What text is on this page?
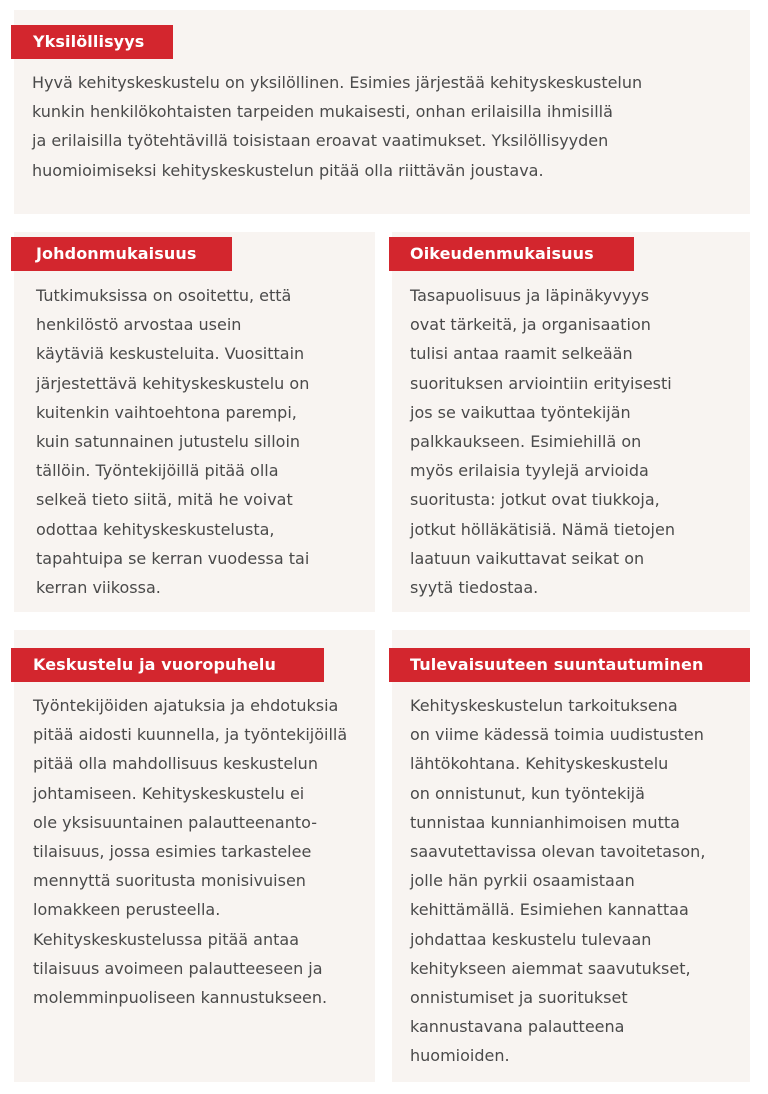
Yksilöllisyys
Hyvä kehityskeskustelu on yksilöllinen. Esimies järjestää kehityskeskustelun
kunkin henkilökohtaisten tarpeiden mukaisesti, onhan erilaisilla ihmisillä
ja erilaisilla työtehtävillä toisistaan eroavat vaatimukset. Yksilöllisyyden
huomioimiseksi kehityskeskustelun pitää olla riittävän joustava.
Johdonmukaisuus
Tutkimuksissa on osoitettu, että
henkilöstö arvostaa usein
käytäviä keskusteluita. Vuosittain
järjestettävä kehityskeskustelu on
kuitenkin vaihtoehtona parempi,
kuin satunnainen jutustelu silloin
tällöin. Työntekijöillä pitää olla
selkeä tieto siitä, mitä he voivat
odottaa kehityskeskustelusta,
tapahtuipa se kerran vuodessa tai
kerran viikossa.
Oikeudenmukaisuus
Tasapuolisuus ja läpinäkyvyys
ovat tärkeitä, ja organisaation
tulisi antaa raamit selkeään
suorituksen arviointiin erityisesti
jos se vaikuttaa työntekijän
palkkaukseen. Esimiehillä on
myös erilaisia tyylejä arvioida
suoritusta: jotkut ovat tiukkoja,
jotkut hölläkätisiä. Nämä tietojen
laatuun vaikuttavat seikat on
syytä tiedostaa.
Keskustelu ja vuoropuhelu
Työntekijöiden ajatuksia ja ehdotuksia
pitää aidosti kuunnella, ja työntekijöillä
pitää olla mahdollisuus keskustelun
johtamiseen. Kehityskeskustelu ei
ole yksisuuntainen palautteenanto-
tilaisuus, jossa esimies tarkastelee
mennyttä suoritusta monisivuisen
lomakkeen perusteella.
Kehityskeskustelussa pitää antaa
tilaisuus avoimeen palautteeseen ja
molemminpuoliseen kannustukseen.
Tulevaisuuteen suuntautuminen
Kehityskeskustelun tarkoituksena
on viime kädessä toimia uudistusten
lähtökohtana. Kehityskeskustelu
on onnistunut, kun työntekijä
tunnistaa kunnianhimoisen mutta
saavutettavissa olevan tavoitetason,
jolle hän pyrkii osaamistaan
kehittämällä. Esimiehen kannattaa
johdattaa keskustelu tulevaan
kehitykseen aiemmat saavutukset,
onnistumiset ja suoritukset
kannustavana palautteena
huomioiden.
